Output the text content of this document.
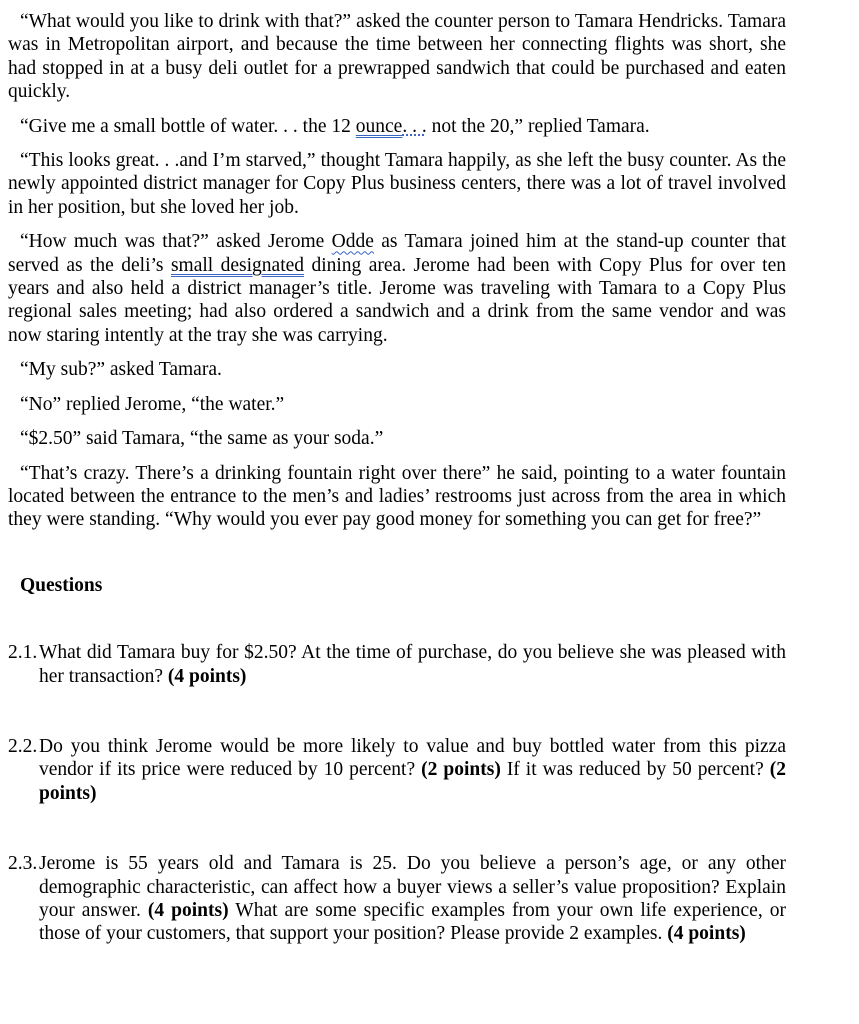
“What would you like to drink with that?” asked the counter person to Tamara Hendricks. Tamara was in Metropolitan airport, and because the time between her connecting flights was short, she had stopped in at a busy deli outlet for a prewrapped sandwich that could be purchased and eaten quickly.

“Give me a small bottle of water. . . the 12 ounce. . . not the 20,” replied Tamara.

“This looks great. . .and I’m starved,” thought Tamara happily, as she left the busy counter. As the newly appointed district manager for Copy Plus business centers, there was a lot of travel involved in her position, but she loved her job.

“How much was that?” asked Jerome Odde as Tamara joined him at the stand-up counter that served as the deli’s small designated dining area. Jerome had been with Copy Plus for over ten years and also held a district manager’s title. Jerome was traveling with Tamara to a Copy Plus regional sales meeting; had also ordered a sandwich and a drink from the same vendor and was now staring intently at the tray she was carrying.

“My sub?” asked Tamara.

“No” replied Jerome, “the water.”

“$2.50” said Tamara, “the same as your soda.”

“That’s crazy. There’s a drinking fountain right over there” he said, pointing to a water fountain located between the entrance to the men’s and ladies’ restrooms just across from the area in which they were standing. “Why would you ever pay good money for something you can get for free?”

Questions
2.1. What did Tamara buy for $2.50? At the time of purchase, do you believe she was pleased with her transaction? (4 points)
2.2. Do you think Jerome would be more likely to value and buy bottled water from this pizza vendor if its price were reduced by 10 percent? (2 points) If it was reduced by 50 percent? (2 points)
2.3. Jerome is 55 years old and Tamara is 25. Do you believe a person’s age, or any other demographic characteristic, can affect how a buyer views a seller’s value proposition? Explain your answer. (4 points) What are some specific examples from your own life experience, or those of your customers, that support your position? Please provide 2 examples. (4 points)
